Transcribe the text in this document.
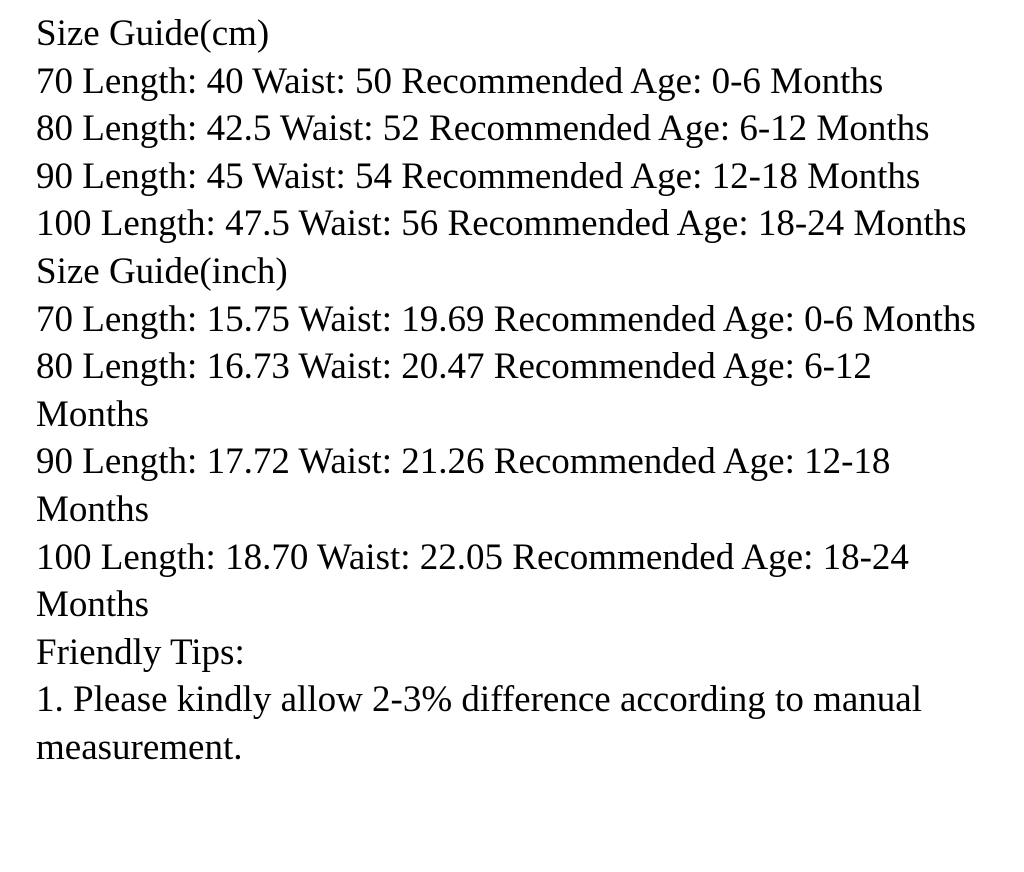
Size Guide(cm)

70 Length: 40 Waist: 50 Recommended Age: 0-6 Months

80 Length: 42.5 Waist: 52 Recommended Age: 6-12 Months

90 Length: 45 Waist: 54 Recommended Age: 12-18 Months

100 Length: 47.5 Waist: 56 Recommended Age: 18-24 Months

Size Guide(inch)

70 Length: 15.75 Waist: 19.69 Recommended Age: 0-6 Months

80 Length: 16.73 Waist: 20.47 Recommended Age: 6-12 Months

90 Length: 17.72 Waist: 21.26 Recommended Age: 12-18 Months

100 Length: 18.70 Waist: 22.05 Recommended Age: 18-24 Months

Friendly Tips:

1. Please kindly allow 2-3% difference according to manual measurement.
